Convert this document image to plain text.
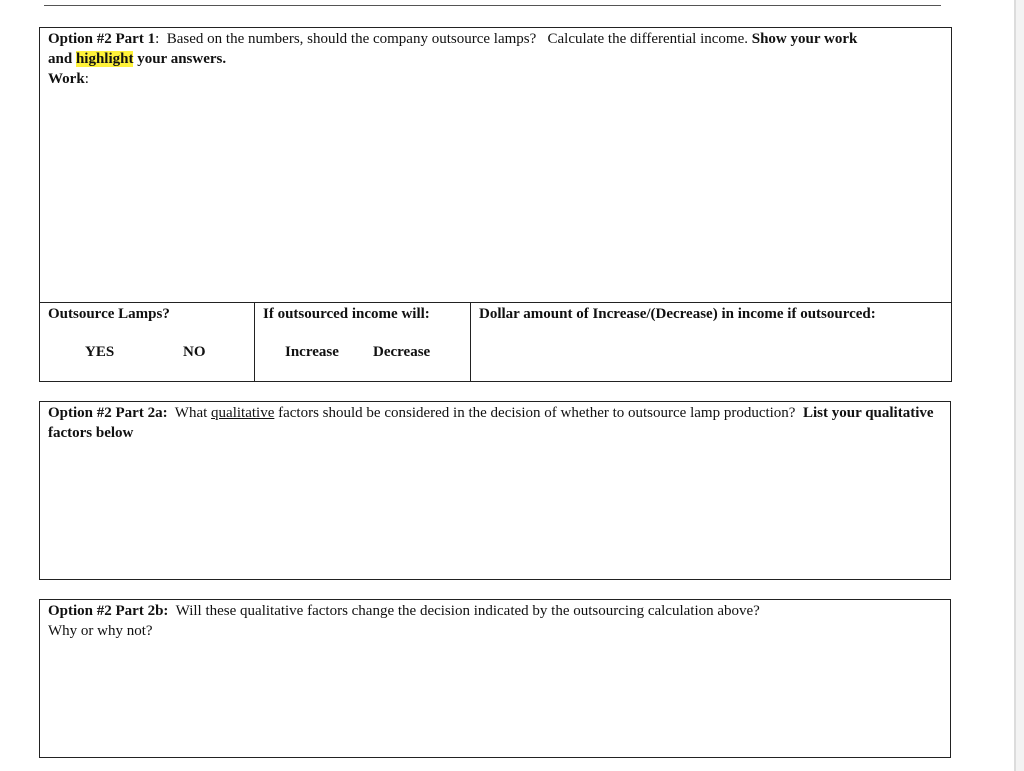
Option #2 Part 1:  Based on the numbers, should the company outsource lamps?   Calculate the differential income. Show your work
and highlight your answers.
Work:
Outsource Lamps?
YES	NO
If outsourced income will:
Increase Decrease
Dollar amount of Increase/(Decrease) in income if outsourced:
Option #2 Part 2a:  What qualitative factors should be considered in the decision of whether to outsource lamp production?  List your qualitative factors below
Option #2 Part 2b:  Will these qualitative factors change the decision indicated by the outsourcing calculation above?
Why or why not?
